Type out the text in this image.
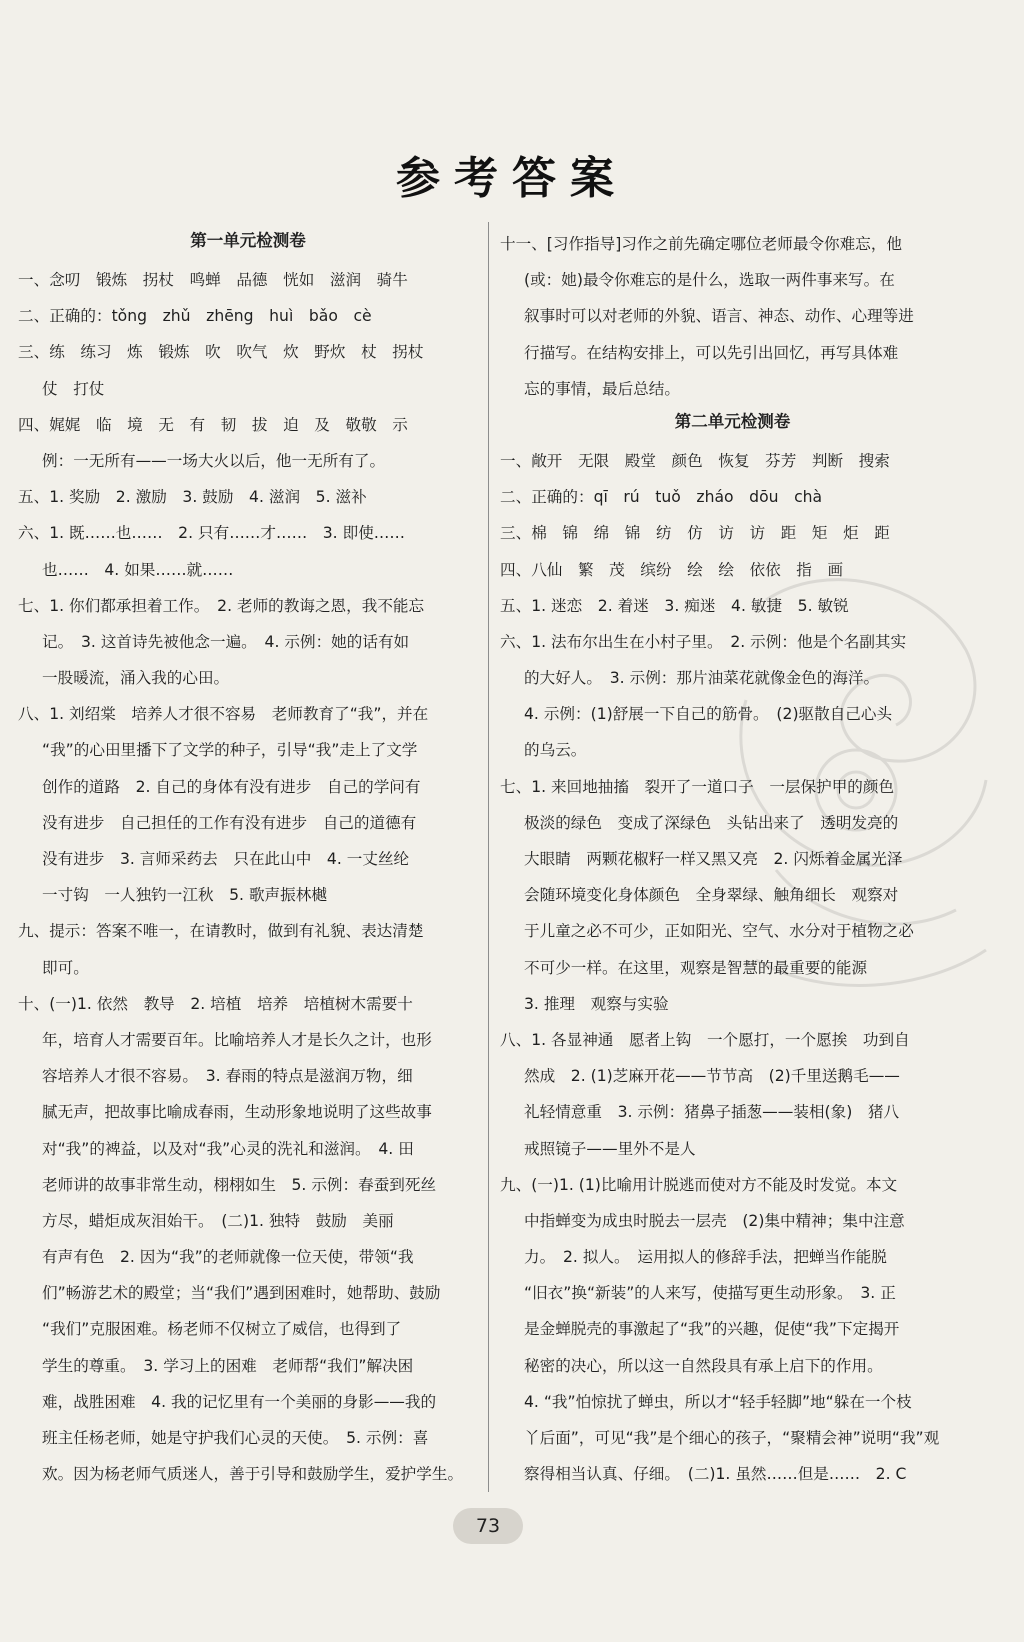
参考答案
第一单元检测卷
一、念叨　锻炼　拐杖　鸣蝉　品德　恍如　滋润　骑牛
二、正确的：tǒng　zhǔ　zhēng　huì　bǎo　cè
三、练　练习　炼　锻炼　吹　吹气　炊　野炊　杖　拐杖
仗　打仗
四、娓娓　临　境　无　有　韧　拔　迫　及　敬敬　示
例：一无所有——一场大火以后，他一无所有了。
五、1. 奖励　2. 激励　3. 鼓励　4. 滋润　5. 滋补
六、1. 既……也……　2. 只有……才……　3. 即使……
也……　4. 如果……就……
七、1. 你们都承担着工作。　2. 老师的教诲之恩，我不能忘
记。　3. 这首诗先被他念一遍。　4. 示例：她的话有如
一股暖流，涌入我的心田。
八、1. 刘绍棠　培养人才很不容易　老师教育了“我”，并在
“我”的心田里播下了文学的种子，引导“我”走上了文学
创作的道路　2. 自己的身体有没有进步　自己的学问有
没有进步　自己担任的工作有没有进步　自己的道德有
没有进步　3. 言师采药去　只在此山中　4. 一丈丝纶
一寸钩　一人独钓一江秋　5. 歌声振林樾
九、提示：答案不唯一，在请教时，做到有礼貌、表达清楚
即可。
十、(一)1. 依然　教导　2. 培植　培养　培植树木需要十
年，培育人才需要百年。比喻培养人才是长久之计，也形
容培养人才很不容易。　3. 春雨的特点是滋润万物，细
腻无声，把故事比喻成春雨，生动形象地说明了这些故事
对“我”的裨益，以及对“我”心灵的洗礼和滋润。　4. 田
老师讲的故事非常生动，栩栩如生　5. 示例：春蚕到死丝
方尽，蜡炬成灰泪始干。　(二)1. 独特　鼓励　美丽
有声有色　2. 因为“我”的老师就像一位天使，带领“我
们”畅游艺术的殿堂；当“我们”遇到困难时，她帮助、鼓励
“我们”克服困难。杨老师不仅树立了威信，也得到了
学生的尊重。　3. 学习上的困难　老师帮“我们”解决困
难，战胜困难　4. 我的记忆里有一个美丽的身影——我的
班主任杨老师，她是守护我们心灵的天使。　5. 示例：喜
欢。因为杨老师气质迷人，善于引导和鼓励学生，爱护学生。
十一、[习作指导]习作之前先确定哪位老师最令你难忘，他
(或：她)最令你难忘的是什么，选取一两件事来写。在
叙事时可以对老师的外貌、语言、神态、动作、心理等进
行描写。在结构安排上，可以先引出回忆，再写具体难
忘的事情，最后总结。
第二单元检测卷
一、敞开　无限　殿堂　颜色　恢复　芬芳　判断　搜索
二、正确的：qī　rú　tuǒ　zháo　dōu　chà
三、棉　锦　绵　锦　纺　仿　访　访　距　矩　炬　距
四、八仙　繁　茂　缤纷　绘　绘　依依　指　画
五、1. 迷恋　2. 着迷　3. 痴迷　4. 敏捷　5. 敏锐
六、1. 法布尔出生在小村子里。　2. 示例：他是个名副其实
的大好人。　3. 示例：那片油菜花就像金色的海洋。
4. 示例：(1)舒展一下自己的筋骨。　(2)驱散自己心头
的乌云。
七、1. 来回地抽搐　裂开了一道口子　一层保护甲的颜色
极淡的绿色　变成了深绿色　头钻出来了　透明发亮的
大眼睛　两颗花椒籽一样又黑又亮　2. 闪烁着金属光泽
会随环境变化身体颜色　全身翠绿、触角细长　观察对
于儿童之必不可少，正如阳光、空气、水分对于植物之必
不可少一样。在这里，观察是智慧的最重要的能源
3. 推理　观察与实验
八、1. 各显神通　愿者上钩　一个愿打，一个愿挨　功到自
然成　2. (1)芝麻开花——节节高　(2)千里送鹅毛——
礼轻情意重　3. 示例：猪鼻子插葱——装相(象)　猪八
戒照镜子——里外不是人
九、(一)1. (1)比喻用计脱逃而使对方不能及时发觉。本文
中指蝉变为成虫时脱去一层壳　(2)集中精神；集中注意
力。　2. 拟人。　运用拟人的修辞手法，把蝉当作能脱
“旧衣”换“新装”的人来写，使描写更生动形象。　3. 正
是金蝉脱壳的事激起了“我”的兴趣，促使“我”下定揭开
秘密的决心，所以这一自然段具有承上启下的作用。
4. “我”怕惊扰了蝉虫，所以才“轻手轻脚”地“躲在一个枝
丫后面”，可见“我”是个细心的孩子，“聚精会神”说明“我”观
察得相当认真、仔细。　(二)1. 虽然……但是……　2. C
73
